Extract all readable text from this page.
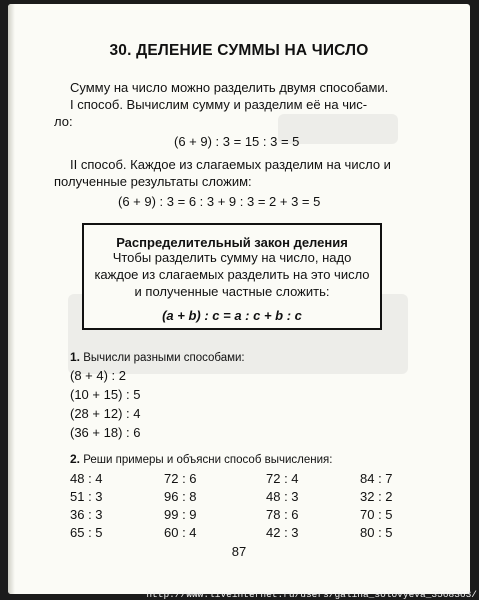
30. ДЕЛЕНИЕ СУММЫ НА ЧИСЛО
Сумму на число можно разделить двумя способами.
I способ. Вычислим сумму и разделим её на чис-
ло:
(6 + 9) : 3 = 15 : 3 = 5
II способ. Каждое из слагаемых разделим на число и
полученные результаты сложим:
(6 + 9) : 3 = 6 : 3 + 9 : 3 = 2 + 3 = 5
Распределительный закон деления
Чтобы разделить сумму на число, надо
каждое из слагаемых разделить на это число
и полученные частные сложить:
(a + b) : c = a : c + b : c
1. Вычисли разными способами:
(8 + 4) : 2
(10 + 15) : 5
(28 + 12) : 4
(36 + 18) : 6
2. Реши примеры и объясни способ вычисления:
48 : 4
51 : 3
36 : 3
65 : 5
72 : 6
96 : 8
99 : 9
60 : 4
72 : 4
48 : 3
78 : 6
42 : 3
84 : 7
32 : 2
70 : 5
80 : 5
87
http://www.liveinternet.ru/users/galina_solovyeva_3568363/
